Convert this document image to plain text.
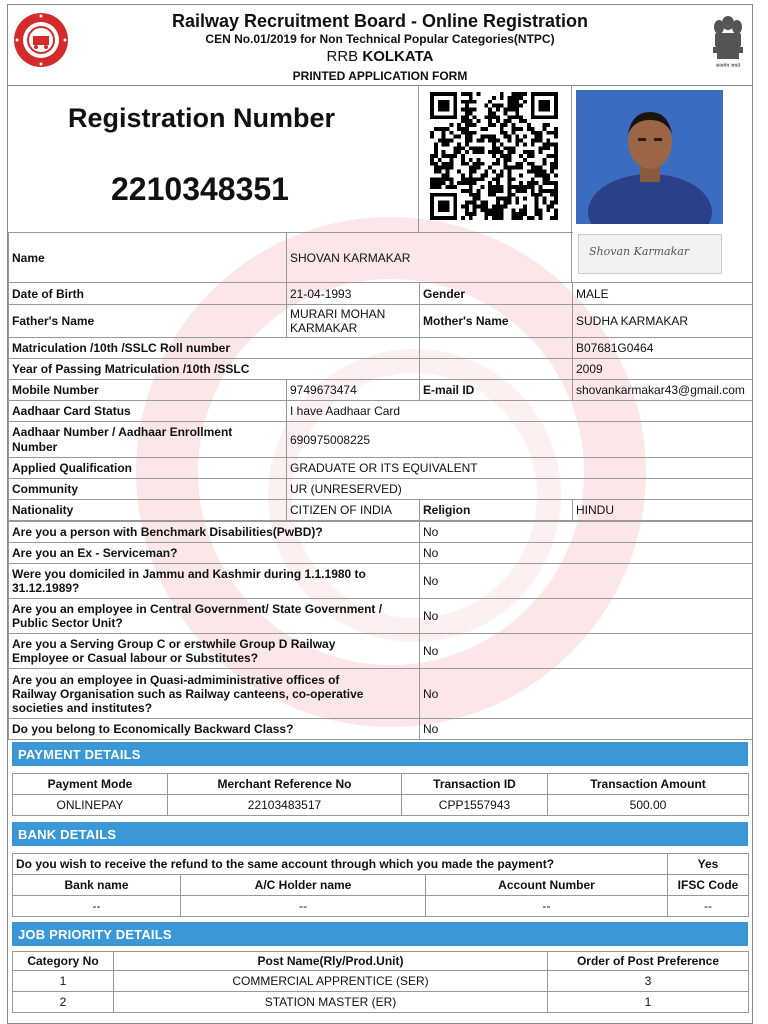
Railway Recruitment Board - Online Registration
CEN No.01/2019 for Non Technical Popular Categories(NTPC)
RRB KOLKATA
PRINTED APPLICATION FORM
सत्यमेव जयते
Registration Number
2210348351
Shovan Karmakar
Name	SHOVAN KARMAKAR		
Date of Birth	21-04-1993	Gender	MALE
Father's Name	MURARI MOHAN
KARMAKAR	Mother's Name	SUDHA KARMAKAR
Matriculation /10th /SSLC Roll number			B07681G0464
Year of Passing Matriculation /10th /SSLC			2009
Mobile Number	9749673474	E-mail ID	shovankarmakar43@gmail.com
Aadhaar Card Status	I have Aadhaar Card		
Aadhaar Number / Aadhaar Enrollment
Number	690975008225		
Applied Qualification	GRADUATE OR ITS EQUIVALENT		
Community	UR (UNRESERVED)		
Nationality	CITIZEN OF INDIA	Religion	HINDU
Are you a person with Benchmark Disabilities(PwBD)?	No
Are you an Ex - Serviceman?	No
Were you domiciled in Jammu and Kashmir during 1.1.1980 to
31.12.1989?	No
Are you an employee in Central Government/ State Government /
Public Sector Unit?	No
Are you a Serving Group C or erstwhile Group D Railway
Employee or Casual labour or Substitutes?	No
Are you an employee in Quasi-admiministrative offices of
Railway Organisation such as Railway canteens, co-operative
societies and institutes?	No
Do you belong to Economically Backward Class?	No
PAYMENT DETAILS
Payment Mode	Merchant Reference No	Transaction ID	Transaction Amount
ONLINEPAY	22103483517	CPP1557943	500.00
BANK DETAILS
Do you wish to receive the refund to the same account through which you made the payment?			Yes
Bank name	A/C Holder name	Account Number	IFSC Code
--	--	--	--
JOB PRIORITY DETAILS
Category No	Post Name(Rly/Prod.Unit)	Order of Post Preference
1	COMMERCIAL APPRENTICE (SER)	3
2	STATION MASTER (ER)	1
